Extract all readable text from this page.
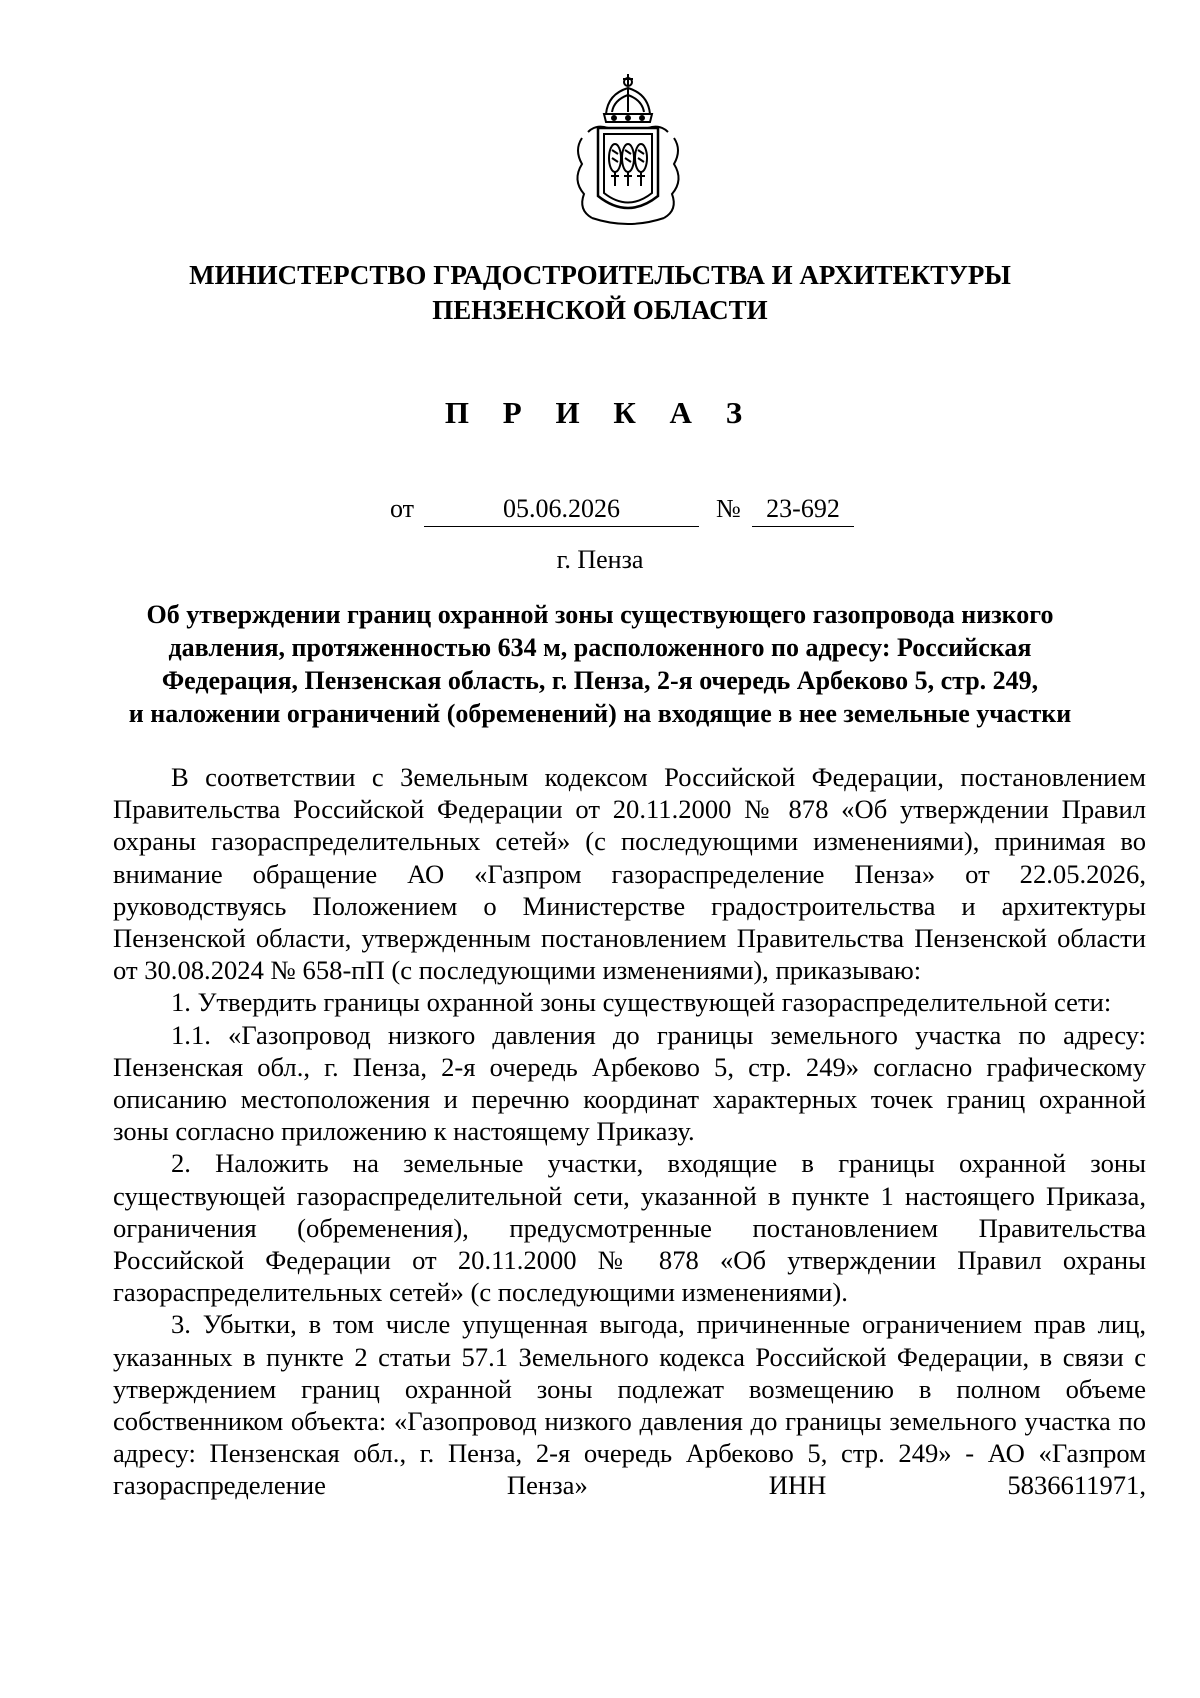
МИНИСТЕРСТВО ГРАДОСТРОИТЕЛЬСТВА И АРХИТЕКТУРЫ
ПЕНЗЕНСКОЙ ОБЛАСТИ
П Р И К А З
от	05.06.2026	№ 23-692
г. Пенза
Об утверждении границ охранной зоны существующего газопровода низкого
давления, протяженностью 634 м, расположенного по адресу: Российская
Федерация, Пензенская область, г. Пенза, 2-я очередь Арбеково 5, стр. 249,
и наложении ограничений (обременений) на входящие в нее земельные участки

В соответствии с Земельным кодексом Российской Федерации, постановлением Правительства Российской Федерации от 20.11.2000 № 878 «Об утверждении Правил охраны газораспределительных сетей» (с последующими изменениями), принимая во внимание обращение АО «Газпром газораспределение Пенза» от 22.05.2026, руководствуясь Положением о Министерстве градостроительства и архитектуры Пензенской области, утвержденным постановлением Правительства Пензенской области от 30.08.2024 № 658-пП (с последующими изменениями), приказываю:

1. Утвердить границы охранной зоны существующей газораспределительной сети:

1.1. «Газопровод низкого давления до границы земельного участка по адресу: Пензенская обл., г. Пенза, 2-я очередь Арбеково 5, стр. 249» согласно графическому описанию местоположения и перечню координат характерных точек границ охранной зоны согласно приложению к настоящему Приказу.

2. Наложить на земельные участки, входящие в границы охранной зоны существующей газораспределительной сети, указанной в пункте 1 настоящего Приказа, ограничения (обременения), предусмотренные постановлением Правительства Российской Федерации от 20.11.2000 № 878 «Об утверждении Правил охраны газораспределительных сетей» (с последующими изменениями).

3. Убытки, в том числе упущенная выгода, причиненные ограничением прав лиц, указанных в пункте 2 статьи 57.1 Земельного кодекса Российской Федерации, в связи с утверждением границ охранной зоны подлежат возмещению в полном объеме собственником объекта: «Газопровод низкого давления до границы земельного участка по адресу: Пензенская обл., г. Пенза, 2-я очередь Арбеково 5, стр. 249» - АО «Газпром газораспределение Пенза» ИНН 5836611971,
